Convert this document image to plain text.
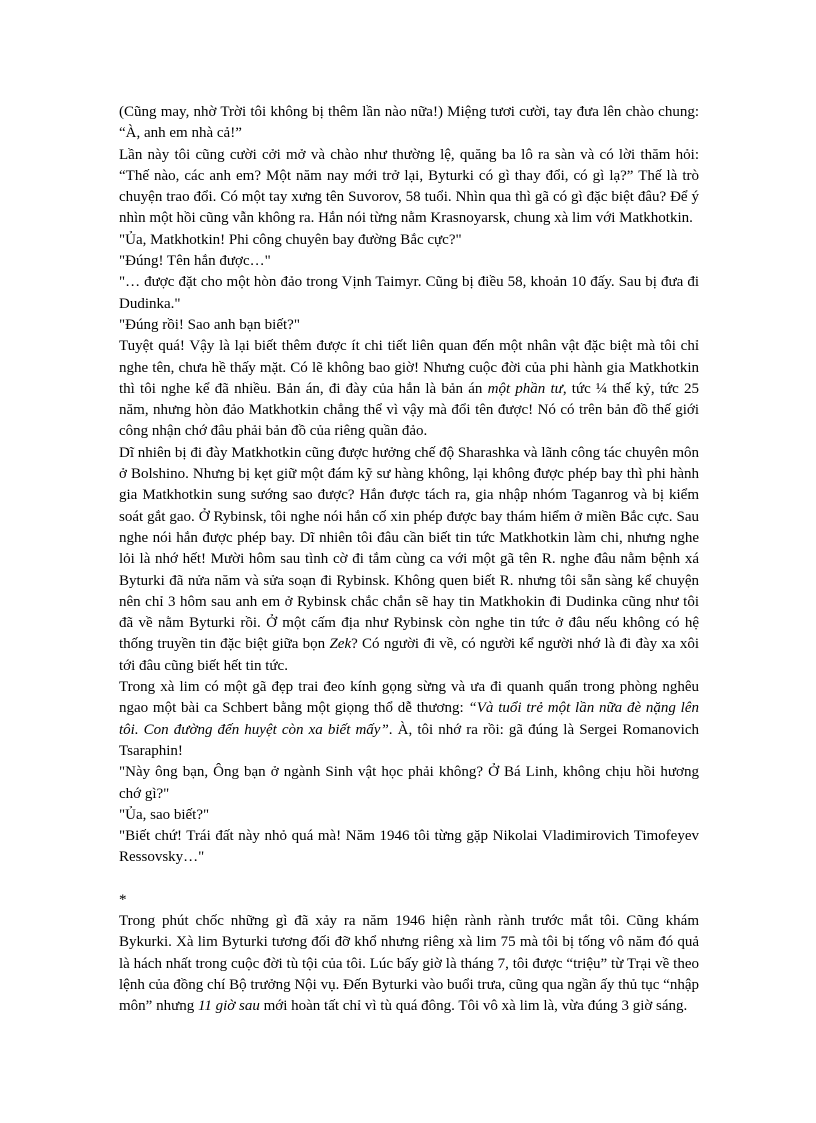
(Cũng may, nhờ Trời tôi không bị thêm lần nào nữa!) Miệng tươi cười, tay đưa lên chào chung: “À, anh em nhà cả!”

Lần này tôi cũng cười cởi mở và chào như thường lệ, quăng ba lô ra sàn và có lời thăm hỏi: “Thế nào, các anh em? Một năm nay mới trở lại, Byturki có gì thay đổi, có gì lạ?” Thế là trò chuyện trao đổi. Có một tay xưng tên Suvorov, 58 tuổi. Nhìn qua thì gã có gì đặc biệt đâu? Để ý nhìn một hồi cũng vẫn không ra. Hắn nói từng nằm Krasnoyarsk, chung xà lim với Matkhotkin.

"Ủa, Matkhotkin! Phi công chuyên bay đường Bắc cực?"

"Đúng! Tên hắn được…"

"… được đặt cho một hòn đảo trong Vịnh Taimyr. Cũng bị điều 58, khoản 10 đấy. Sau bị đưa đi Dudinka."

"Đúng rồi! Sao anh bạn biết?"

Tuyệt quá! Vậy là lại biết thêm được ít chi tiết liên quan đến một nhân vật đặc biệt mà tôi chỉ nghe tên, chưa hề thấy mặt. Có lẽ không bao giờ! Nhưng cuộc đời của phi hành gia Matkhotkin thì tôi nghe kể đã nhiều. Bản án, đi đày của hắn là bản án một phần tư, tức ¼ thế kỷ, tức 25 năm, nhưng hòn đảo Matkhotkin chẳng thể vì vậy mà đổi tên được! Nó có trên bản đồ thế giới công nhận chớ đâu phải bản đồ của riêng quần đảo.

Dĩ nhiên bị đi đày Matkhotkin cũng được hưởng chế độ Sharashka và lãnh công tác chuyên môn ở Bolshino. Nhưng bị kẹt giữ một đám kỹ sư hàng không, lại không được phép bay thì phi hành gia Matkhotkin sung sướng sao được? Hắn được tách ra, gia nhập nhóm Taganrog và bị kiểm soát gắt gao. Ở Rybinsk, tôi nghe nói hắn cố xin phép được bay thám hiểm ở miền Bắc cực. Sau nghe nói hắn được phép bay. Dĩ nhiên tôi đâu cần biết tin tức Matkhotkin làm chi, nhưng nghe lỏi là nhớ hết! Mười hôm sau tình cờ đi tắm cùng ca với một gã tên R. nghe đâu nằm bệnh xá Byturki đã nửa năm và sửa soạn đi Rybinsk. Không quen biết R. nhưng tôi sẵn sàng kể chuyện nên chỉ 3 hôm sau anh em ở Rybinsk chắc chắn sẽ hay tin Matkhokin đi Dudinka cũng như tôi đã về nằm Byturki rồi. Ở một cấm địa như Rybinsk còn nghe tin tức ở đâu nếu không có hệ thống truyền tin đặc biệt giữa bọn Zek? Có người đi về, có người kể người nhớ là đi đày xa xôi tới đâu cũng biết hết tin tức.

Trong xà lim có một gã đẹp trai đeo kính gọng sừng và ưa đi quanh quẩn trong phòng nghêu ngao một bài ca Schbert bằng một giọng thổ dễ thương: “Và tuổi trẻ một lần nữa đè nặng lên tôi. Con đường đến huyệt còn xa biết mấy”. À, tôi nhớ ra rồi: gã đúng là Sergei Romanovich Tsaraphin!

"Này ông bạn, Ông bạn ở ngành Sinh vật học phải không? Ở Bá Linh, không chịu hồi hương chớ gì?"

"Ủa, sao biết?"

"Biết chứ! Trái đất này nhỏ quá mà! Năm 1946 tôi từng gặp Nikolai Vladimirovich Timofeyev Ressovsky…"

*

Trong phút chốc những gì đã xảy ra năm 1946 hiện rành rành trước mắt tôi. Cũng khám Bykurki. Xà lim Byturki tương đối đỡ khổ nhưng riêng xà lim 75 mà tôi bị tống vô năm đó quả là hách nhất trong cuộc đời tù tội của tôi. Lúc bấy giờ là tháng 7, tôi được “triệu” từ Trại về theo lệnh của đồng chí Bộ trưởng Nội vụ. Đến Byturki vào buổi trưa, cũng qua ngần ấy thủ tục “nhập môn” nhưng 11 giờ sau mới hoàn tất chỉ vì tù quá đông. Tôi vô xà lim là, vừa đúng 3 giờ sáng.
